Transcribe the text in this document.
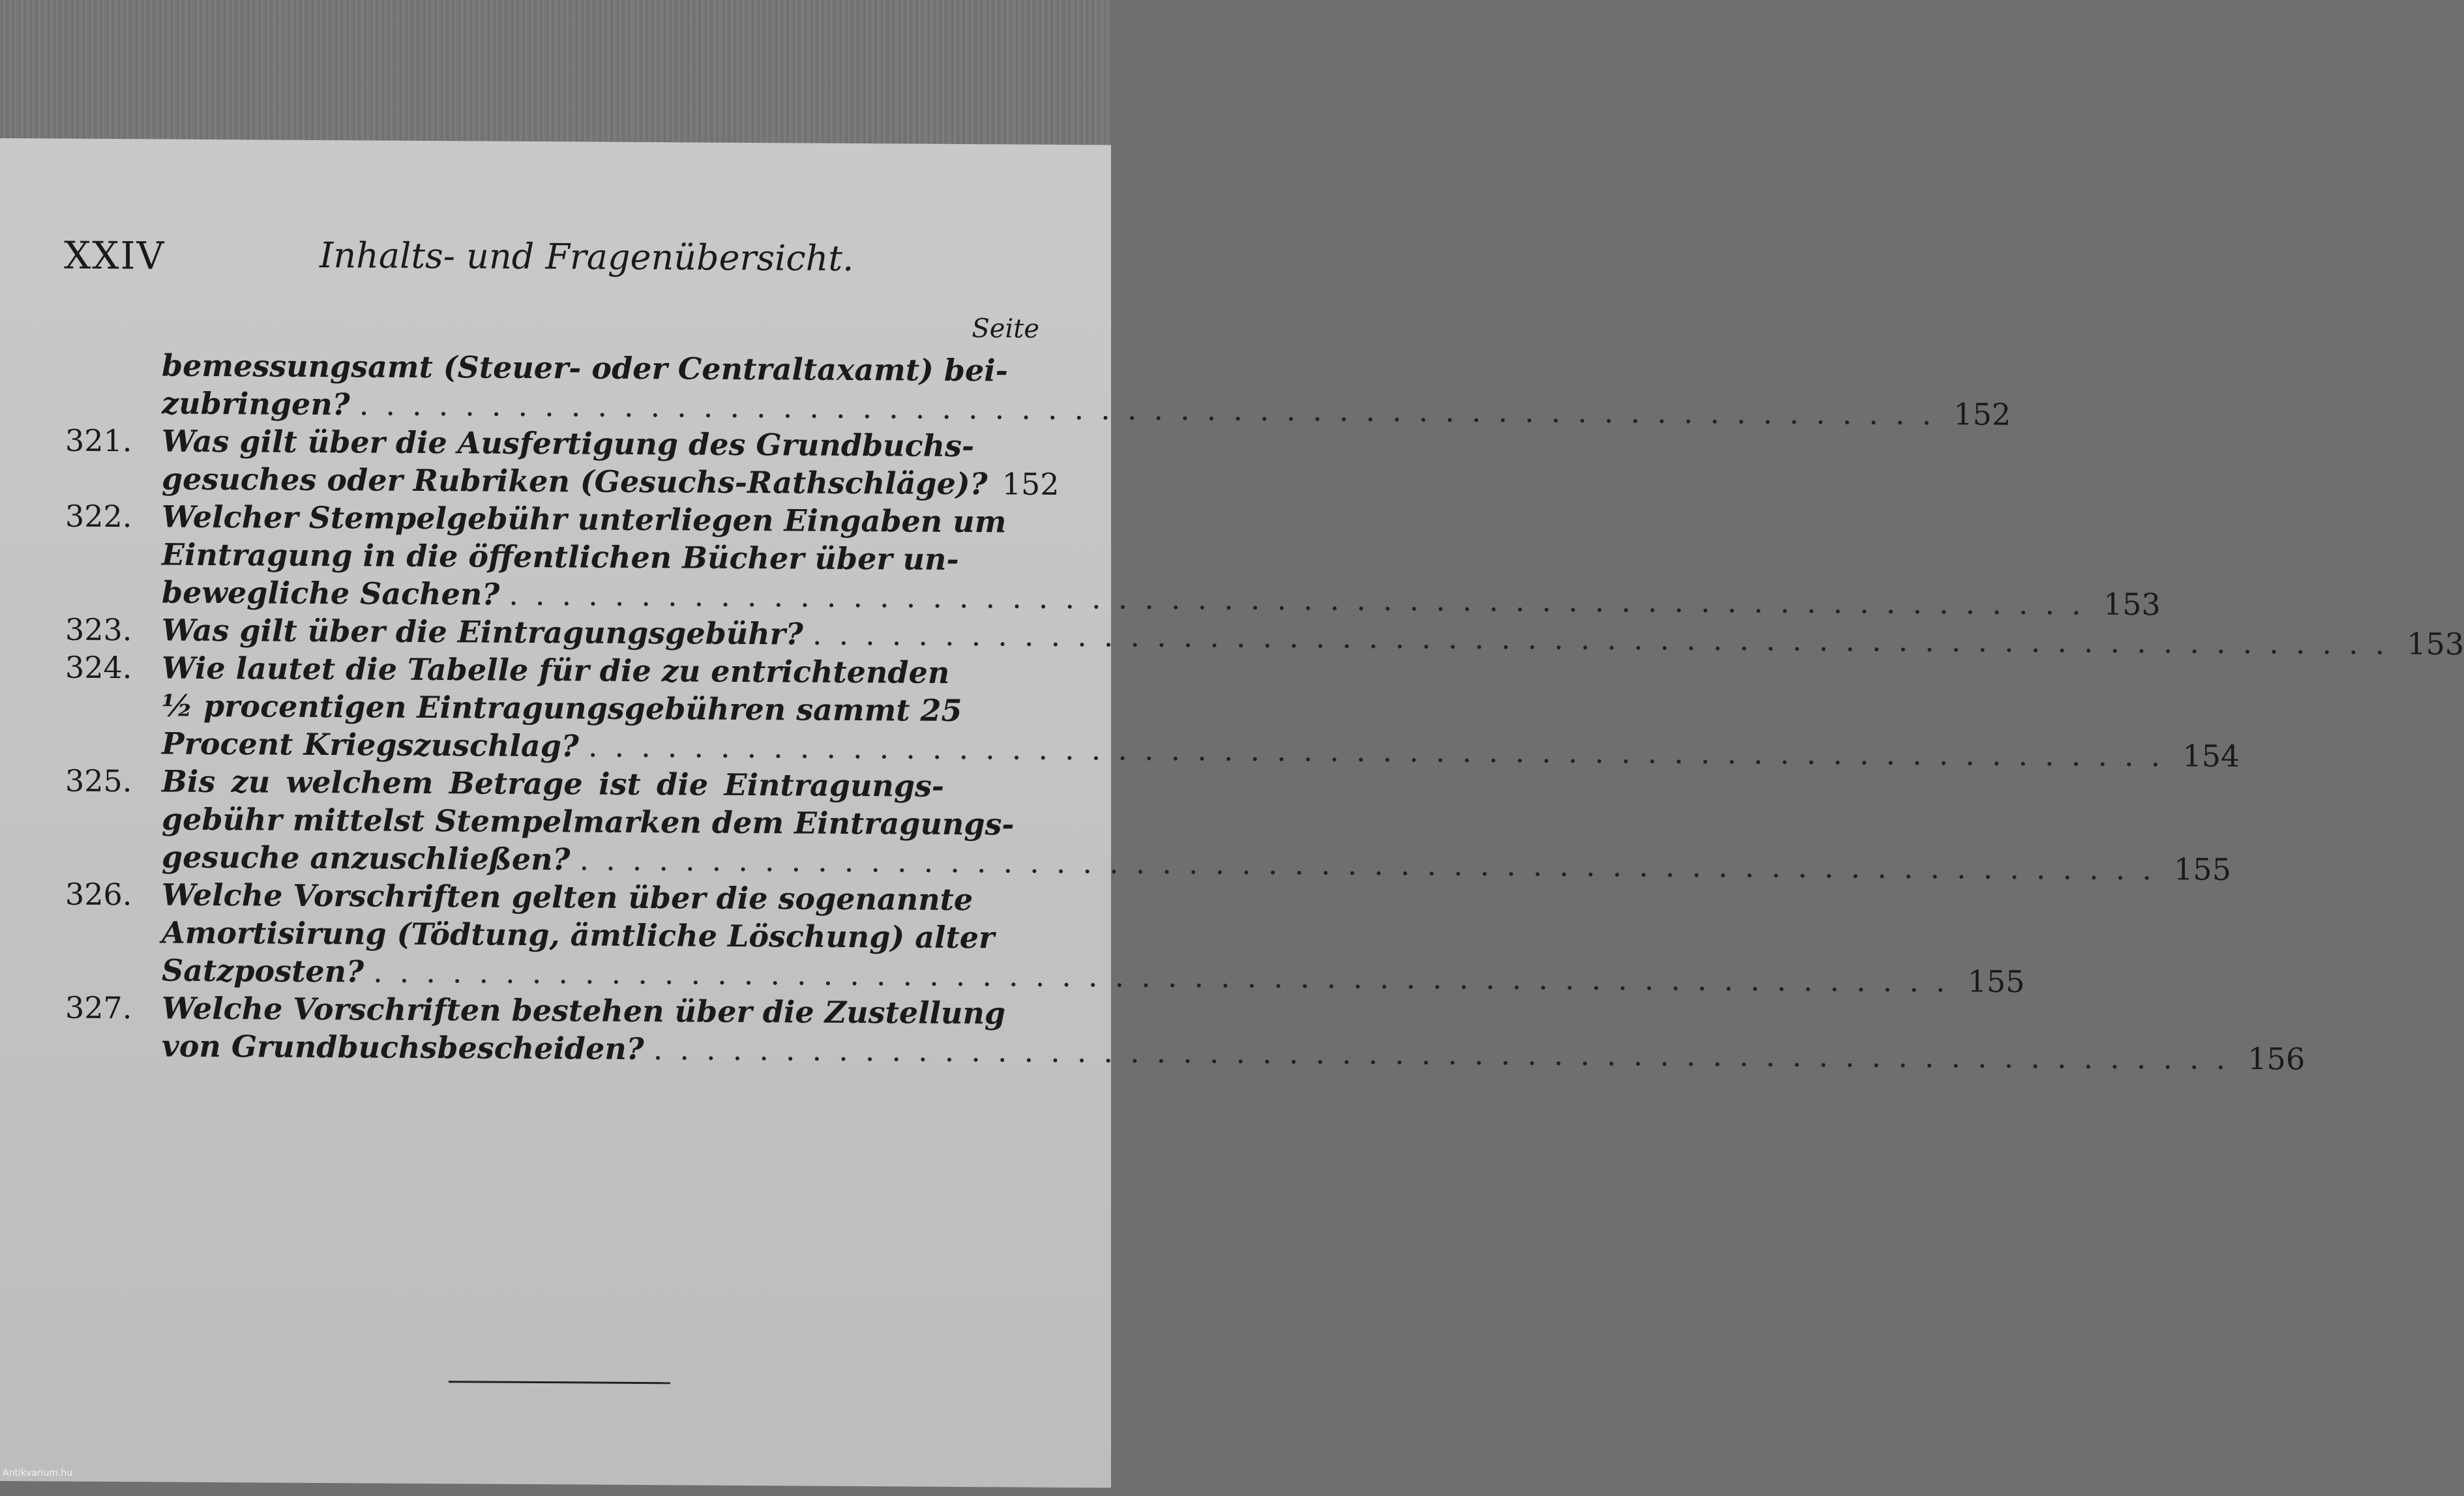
XXIV	Inhalts- und Fragenübersicht.
Seite
bemessungsamt (Steuer- oder Centraltaxamt) bei-
zubringen? ............................................................ 152
321. Was gilt über die Ausfertigung des Grundbuchs-
gesuches oder Rubriken (Gesuchs-Rathschläge)? 152
322. Welcher Stempelgebühr unterliegen Eingaben um
Eintragung in die öffentlichen Bücher über un-
bewegliche Sachen? ............................................................ 153
323. Was gilt über die Eintragungsgebühr? ............................................................ 153
324. Wie lautet die Tabelle für die zu entrichtenden
½ procentigen Eintragungsgebühren sammt 25
Procent Kriegszuschlag? ............................................................ 154
325. Bis zu welchem Betrage ist die Eintragungs-
gebühr mittelst Stempelmarken dem Eintragungs-
gesuche anzuschließen? ............................................................ 155
326. Welche Vorschriften gelten über die sogenannte
Amortisirung (Tödtung, ämtliche Löschung) alter
Satzposten? ............................................................ 155
327. Welche Vorschriften bestehen über die Zustellung
von Grundbuchsbescheiden? ............................................................ 156
Antikvarium.hu
